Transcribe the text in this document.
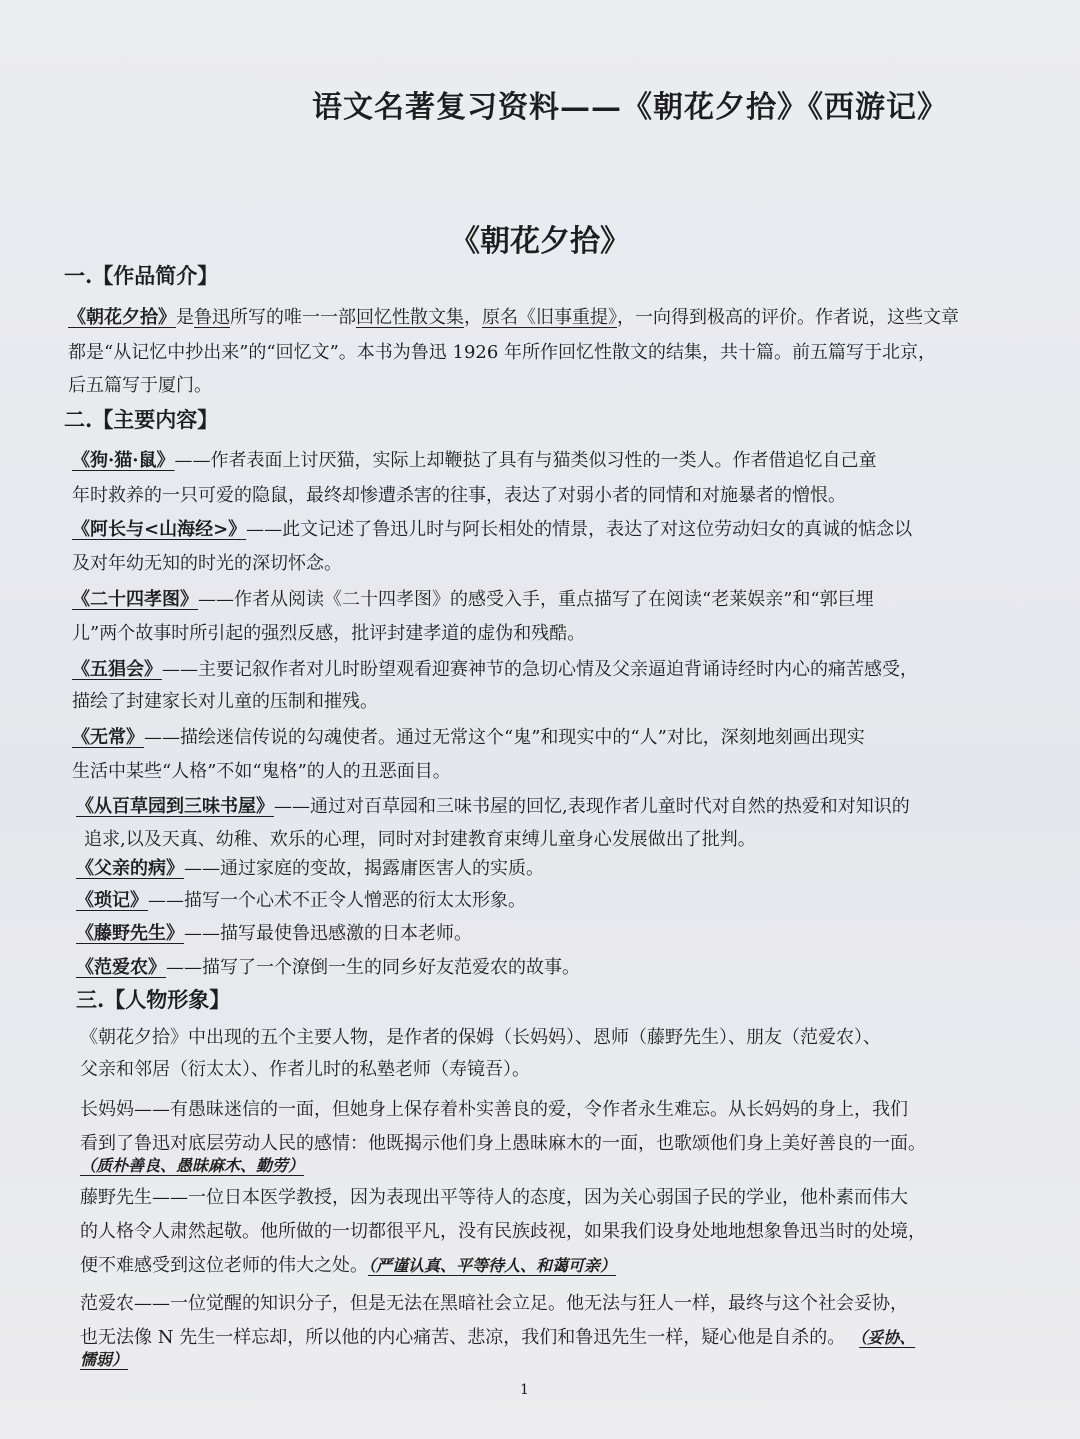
语文名著复习资料——《朝花夕拾》《西游记》
《朝花夕拾》
一.【作品简介】
《朝花夕拾》是鲁迅所写的唯一一部回忆性散文集，原名《旧事重提》，一向得到极高的评价。作者说，这些文章
都是“从记忆中抄出来”的“回忆文”。本书为鲁迅 1926 年所作回忆性散文的结集，共十篇。前五篇写于北京，
后五篇写于厦门。
二.【主要内容】
《狗·猫·鼠》——作者表面上讨厌猫，实际上却鞭挞了具有与猫类似习性的一类人。作者借追忆自己童
年时救养的一只可爱的隐鼠，最终却惨遭杀害的往事，表达了对弱小者的同情和对施暴者的憎恨。
《阿长与<山海经>》——此文记述了鲁迅儿时与阿长相处的情景，表达了对这位劳动妇女的真诚的惦念以
及对年幼无知的时光的深切怀念。
《二十四孝图》——作者从阅读《二十四孝图》的感受入手，重点描写了在阅读“老莱娱亲”和“郭巨埋
儿”两个故事时所引起的强烈反感，批评封建孝道的虚伪和残酷。
《五猖会》——主要记叙作者对儿时盼望观看迎赛神节的急切心情及父亲逼迫背诵诗经时内心的痛苦感受，
描绘了封建家长对儿童的压制和摧残。
《无常》——描绘迷信传说的勾魂使者。通过无常这个“鬼”和现实中的“人”对比，深刻地刻画出现实
生活中某些“人格”不如“鬼格”的人的丑恶面目。
《从百草园到三味书屋》——通过对百草园和三味书屋的回忆,表现作者儿童时代对自然的热爱和对知识的
追求,以及天真、幼稚、欢乐的心理，同时对封建教育束缚儿童身心发展做出了批判。
《父亲的病》——通过家庭的变故，揭露庸医害人的实质。
《琐记》——描写一个心术不正令人憎恶的衍太太形象。
《藤野先生》——描写最使鲁迅感激的日本老师。
《范爱农》——描写了一个潦倒一生的同乡好友范爱农的故事。
三.【人物形象】
《朝花夕拾》中出现的五个主要人物，是作者的保姆（长妈妈）、恩师（藤野先生）、朋友（范爱农）、
父亲和邻居（衍太太）、作者儿时的私塾老师（寿镜吾）。
长妈妈——有愚昧迷信的一面，但她身上保存着朴实善良的爱，令作者永生难忘。从长妈妈的身上，我们
看到了鲁迅对底层劳动人民的感情：他既揭示他们身上愚昧麻木的一面，也歌颂他们身上美好善良的一面。
（质朴善良、愚昧麻木、勤劳）
藤野先生——一位日本医学教授，因为表现出平等待人的态度，因为关心弱国子民的学业，他朴素而伟大
的人格令人肃然起敬。他所做的一切都很平凡，没有民族歧视，如果我们设身处地地想象鲁迅当时的处境，
便不难感受到这位老师的伟大之处。（严谨认真、平等待人、和蔼可亲）
范爱农——一位觉醒的知识分子，但是无法在黑暗社会立足。他无法与狂人一样，最终与这个社会妥协，
也无法像 N 先生一样忘却，所以他的内心痛苦、悲凉，我们和鲁迅先生一样，疑心他是自杀的。 （妥协、
懦弱）
1
